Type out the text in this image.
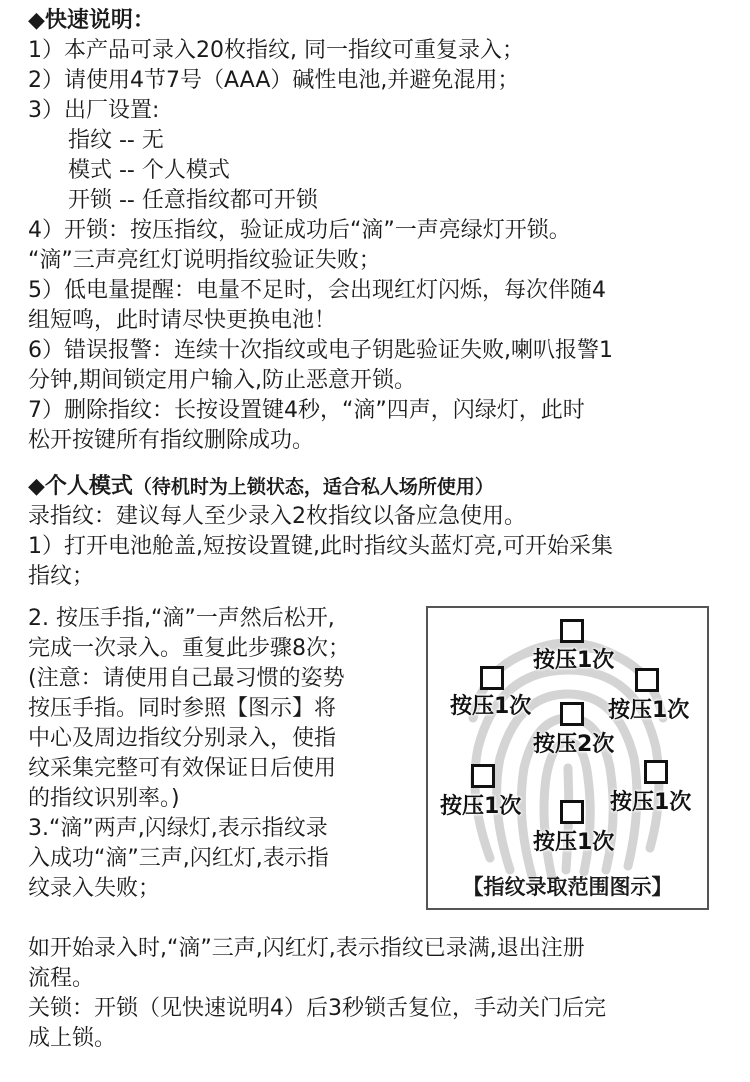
◆快速说明：
1）本产品可录入20枚指纹, 同一指纹可重复录入；
2）请使用4节7号（AAA）碱性电池,并避免混用；
3）出厂设置:
指纹 -- 无
模式 -- 个人模式
开锁 -- 任意指纹都可开锁
4）开锁：按压指纹，验证成功后“滴”一声亮绿灯开锁。
“滴”三声亮红灯说明指纹验证失败；
5）低电量提醒：电量不足时，会出现红灯闪烁，每次伴随4
组短鸣，此时请尽快更换电池！
6）错误报警：连续十次指纹或电子钥匙验证失败,喇叭报警1
分钟,期间锁定用户输入,防止恶意开锁。
7）删除指纹：长按设置键4秒，“滴”四声，闪绿灯，此时
松开按键所有指纹删除成功。
◆个人模式（待机时为上锁状态，适合私人场所使用）
录指纹：建议每人至少录入2枚指纹以备应急使用。
1）打开电池舱盖,短按设置键,此时指纹头蓝灯亮,可开始采集
指纹；
2. 按压手指,“滴”一声然后松开,
完成一次录入。重复此步骤8次；
(注意：请使用自己最习惯的姿势
按压手指。同时参照【图示】将
中心及周边指纹分别录入，使指
纹采集完整可有效保证日后使用
的指纹识别率。)
3.“滴”两声,闪绿灯,表示指纹录
入成功“滴”三声,闪红灯,表示指
纹录入失败；
按压1次
按压1次	按压1次
按压2次
按压1次	按压1次
按压1次
【指纹录取范围图示】
如开始录入时,“滴”三声,闪红灯,表示指纹已录满,退出注册
流程。
关锁：开锁（见快速说明4）后3秒锁舌复位，手动关门后完
成上锁。
